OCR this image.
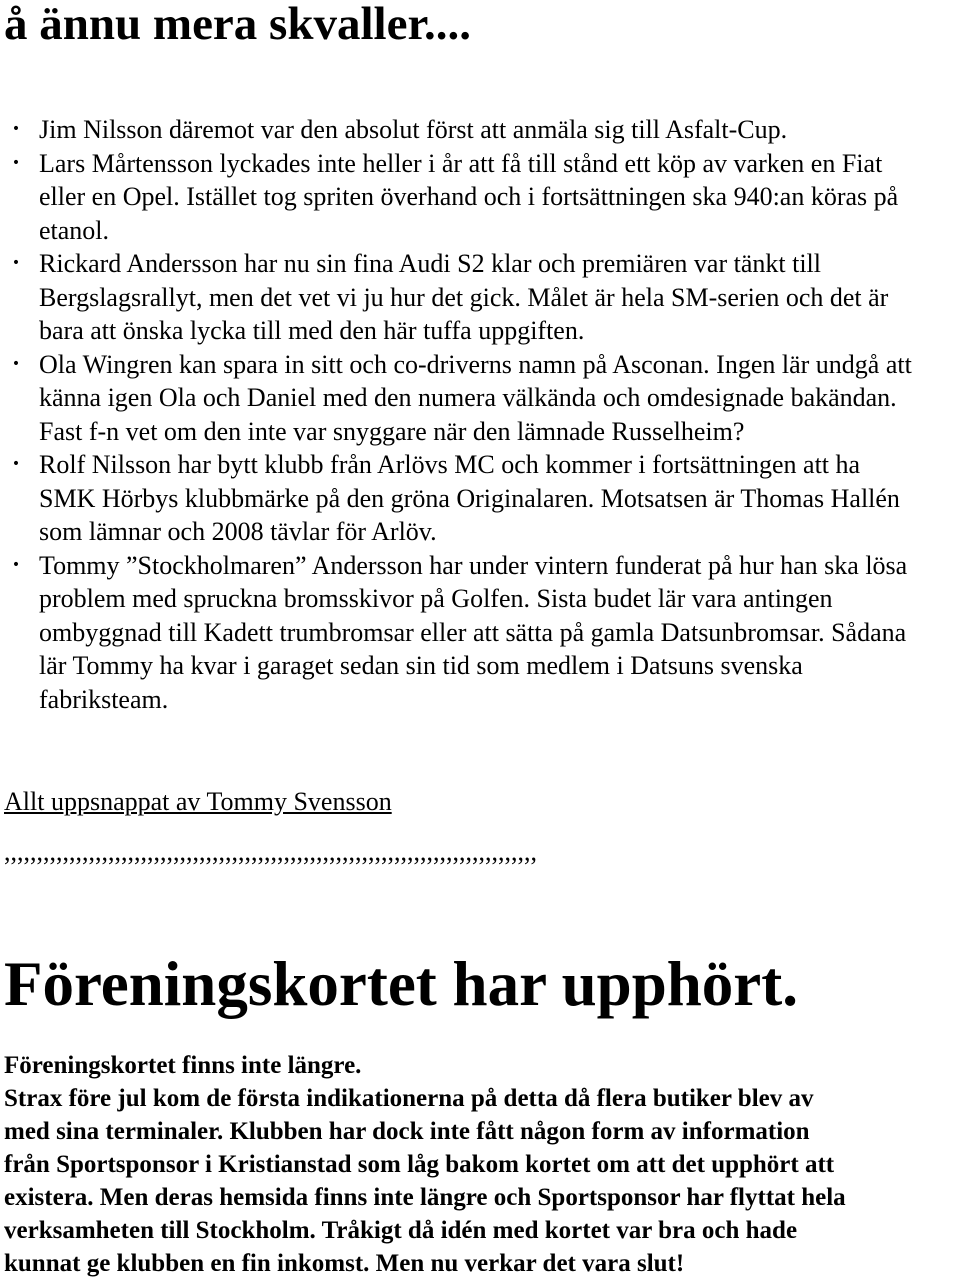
å ännu mera skvaller....
• Jim Nilsson däremot var den absolut först att anmäla sig till Asfalt-Cup.
• Lars Mårtensson lyckades inte heller i år att få till stånd ett köp av varken en Fiat eller en Opel. Istället tog spriten överhand och i fortsättningen ska 940:an köras på etanol.
• Rickard Andersson har nu sin fina Audi S2 klar och premiären var tänkt till Bergslagsrallyt, men det vet vi ju hur det gick. Målet är hela SM-serien och det är bara att önska lycka till med den här tuffa uppgiften.
• Ola Wingren kan spara in sitt och co-driverns namn på Asconan. Ingen lär undgå att känna igen Ola och Daniel med den numera välkända och omdesignade bakändan. Fast f-n vet om den inte var snyggare när den lämnade Russelheim?
• Rolf Nilsson har bytt klubb från Arlövs MC och kommer i fortsättningen att ha SMK Hörbys klubbmärke på den gröna Originalaren. Motsatsen är Thomas Hallén som lämnar och 2008 tävlar för Arlöv.
• Tommy ”Stockholmaren” Andersson har under vintern funderat på hur han ska lösa problem med spruckna bromsskivor på Golfen. Sista budet lär vara antingen ombyggnad till Kadett trumbromsar eller att sätta på gamla Datsunbromsar. Sådana lär Tommy ha kvar i garaget sedan sin tid som medlem i Datsuns svenska fabriksteam.

Allt uppsnappat av Tommy Svensson

,,,,,,,,,,,,,,,,,,,,,,,,,,,,,,,,,,,,,,,,,,,,,,,,,,,,,,,,,,,,,,,,,,,,,,,,,,,,,,,,,,

Föreningskortet har upphört.
Föreningskortet finns inte längre.
Strax före jul kom de första indikationerna på detta då flera butiker blev av
med sina terminaler. Klubben har dock inte fått någon form av information
från Sportsponsor i Kristianstad som låg bakom kortet om att det upphört att
existera. Men deras hemsida finns inte längre och Sportsponsor har flyttat hela
verksamheten till Stockholm. Tråkigt då idén med kortet var bra och hade
kunnat ge klubben en fin inkomst. Men nu verkar det vara slut!
